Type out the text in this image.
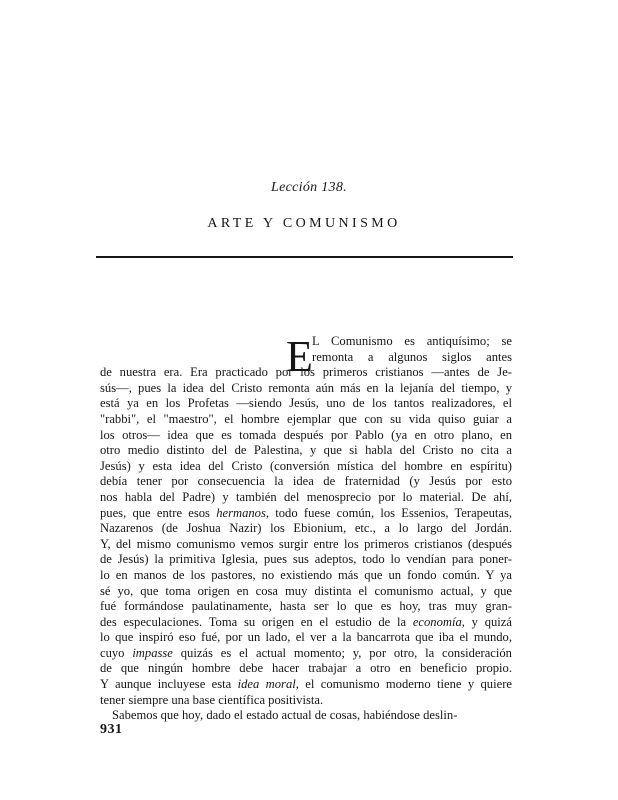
Lección 138.
ARTE Y COMUNISMO
E L Comunismo es antiquísimo; se
remonta a algunos siglos antes
de nuestra era. Era practicado por los primeros cristianos —antes de Je-
sús—, pues la idea del Cristo remonta aún más en la lejanía del tiempo, y
está ya en los Profetas —siendo Jesús, uno de los tantos realizadores, el
"rabbi", el "maestro", el hombre ejemplar que con su vida quiso guiar a
los otros— idea que es tomada después por Pablo (ya en otro plano, en
otro medio distinto del de Palestina, y que si habla del Cristo no cita a
Jesús) y esta idea del Cristo (conversión mística del hombre en espíritu)
debía tener por consecuencia la idea de fraternidad (y Jesús por esto
nos habla del Padre) y también del menosprecio por lo material. De ahí,
pues, que entre esos hermanos, todo fuese común, los Essenios, Terapeutas,
Nazarenos (de Joshua Nazir) los Ebionium, etc., a lo largo del Jordán.
Y, del mismo comunismo vemos surgir entre los primeros cristianos (después
de Jesús) la primitiva Iglesia, pues sus adeptos, todo lo vendían para poner-
lo en manos de los pastores, no existiendo más que un fondo común. Y ya
sé yo, que toma origen en cosa muy distinta el comunismo actual, y que
fué formándose paulatinamente, hasta ser lo que es hoy, tras muy gran-
des especulaciones. Toma su origen en el estudio de la economía, y quizá
lo que inspiró eso fué, por un lado, el ver a la bancarrota que iba el mundo,
cuyo impasse quizás es el actual momento; y, por otro, la consideración
de que ningún hombre debe hacer trabajar a otro en beneficio propio.
Y aunque incluyese esta idea moral, el comunismo moderno tiene y quiere
tener siempre una base científica positivista.
Sabemos que hoy, dado el estado actual de cosas, habiéndose deslin-
931
